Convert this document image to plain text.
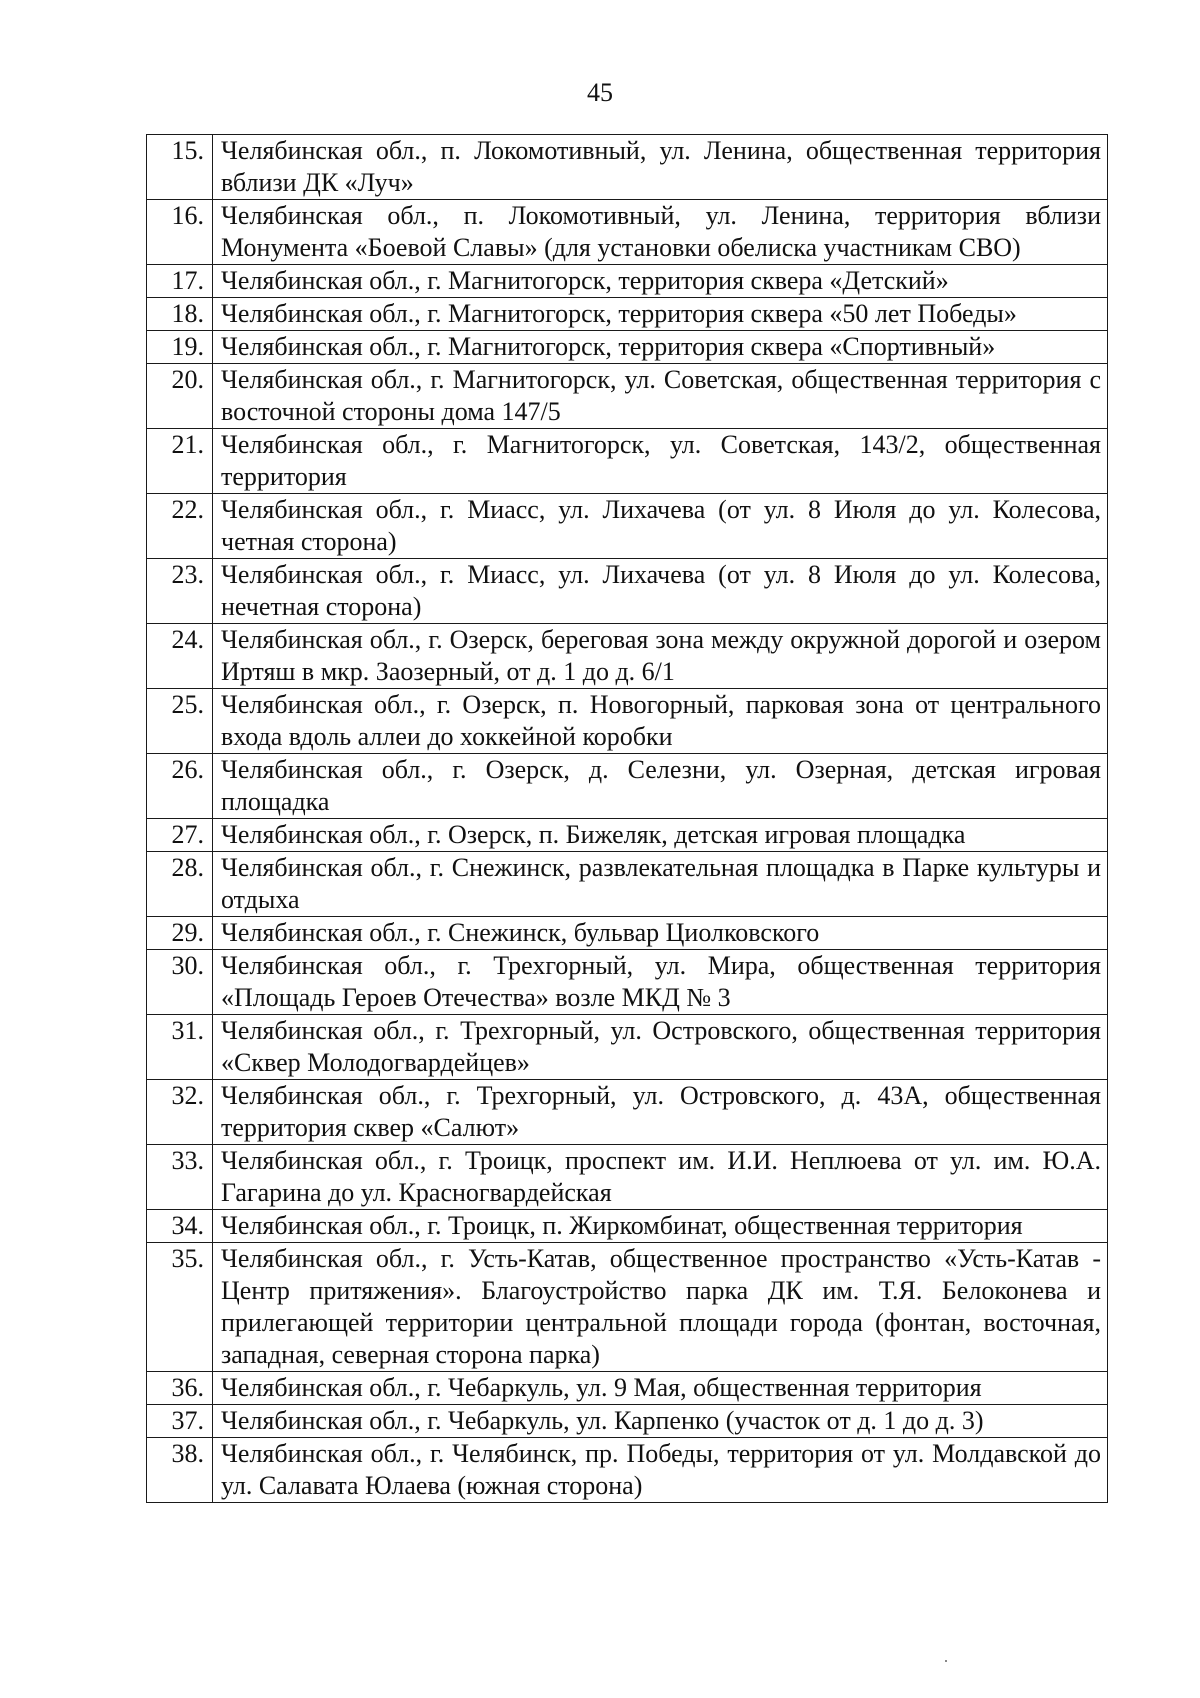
45
15.	Челябинская обл., п. Локомотивный, ул. Ленина, общественная территория вблизи ДК «Луч»
16.	Челябинская обл., п. Локомотивный, ул. Ленина, территория вблизи Монумента «Боевой Славы» (для установки обелиска участникам СВО)
17.	Челябинская обл., г. Магнитогорск, территория сквера «Детский»
18.	Челябинская обл., г. Магнитогорск, территория сквера «50 лет Победы»
19.	Челябинская обл., г. Магнитогорск, территория сквера «Спортивный»
20.	Челябинская обл., г. Магнитогорск, ул. Советская, общественная территория с восточной стороны дома 147/5
21.	Челябинская обл., г. Магнитогорск, ул. Советская, 143/2, общественная территория
22.	Челябинская обл., г. Миасс, ул. Лихачева (от ул. 8 Июля до ул. Колесова, четная сторона)
23.	Челябинская обл., г. Миасс, ул. Лихачева (от ул. 8 Июля до ул. Колесова, нечетная сторона)
24.	Челябинская обл., г. Озерск, береговая зона между окружной дорогой и озером Иртяш в мкр. Заозерный, от д. 1 до д. 6/1
25.	Челябинская обл., г. Озерск, п. Новогорный, парковая зона от центрального входа вдоль аллеи до хоккейной коробки
26.	Челябинская обл., г. Озерск, д. Селезни, ул. Озерная, детская игровая площадка
27.	Челябинская обл., г. Озерск, п. Бижеляк, детская игровая площадка
28.	Челябинская обл., г. Снежинск, развлекательная площадка в Парке культуры и отдыха
29.	Челябинская обл., г. Снежинск, бульвар Циолковского
30.	Челябинская обл., г. Трехгорный, ул. Мира, общественная территория «Площадь Героев Отечества» возле МКД № 3
31.	Челябинская обл., г. Трехгорный, ул. Островского, общественная территория «Сквер Молодогвардейцев»
32.	Челябинская обл., г. Трехгорный, ул. Островского, д. 43А, общественная территория сквер «Салют»
33.	Челябинская обл., г. Троицк, проспект им. И.И. Неплюева от ул. им. Ю.А. Гагарина до ул. Красногвардейская
34.	Челябинская обл., г. Троицк, п. Жиркомбинат, общественная территория
35.	Челябинская обл., г. Усть-Катав, общественное пространство «Усть-Катав - Центр притяжения». Благоустройство парка ДК им. Т.Я. Белоконева и прилегающей территории центральной площади города (фонтан, восточная, западная, северная сторона парка)
36.	Челябинская обл., г. Чебаркуль, ул. 9 Мая, общественная территория
37.	Челябинская обл., г. Чебаркуль, ул. Карпенко (участок от д. 1 до д. 3)
38.	Челябинская обл., г. Челябинск, пр. Победы, территория от ул. Молдавской до ул. Салавата Юлаева (южная сторона)
